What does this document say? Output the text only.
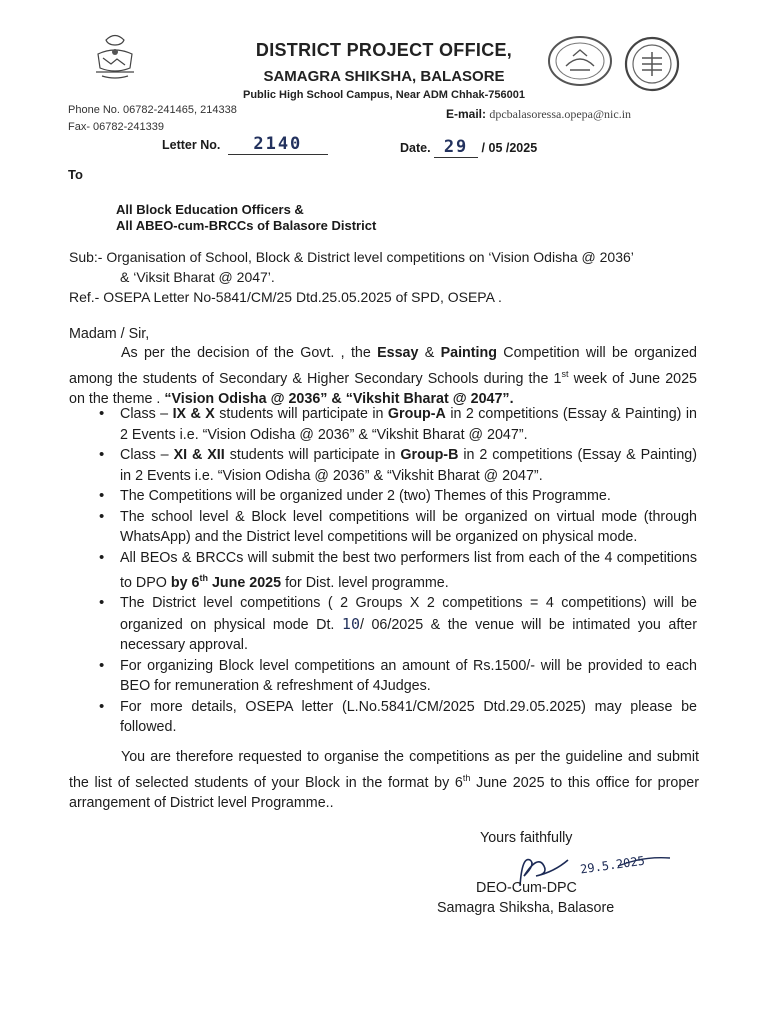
DISTRICT PROJECT OFFICE,
SAMAGRA SHIKSHA, BALASORE
Public High School Campus, Near ADM Chhak-756001
Phone No. 06782-241465, 214338
Fax- 06782-241339
E-mail: dpcbalasoressa.opepa@nic.in
Letter No. 2140	Date. 29 / 05 /2025
To
All Block Education Officers &
All ABEO-cum-BRCCs of Balasore District
Sub:- Organisation of School, Block & District level competitions on ‘Vision Odisha @ 2036’
& ‘Viksit Bharat @ 2047’.
Ref.- OSEPA Letter No-5841/CM/25 Dtd.25.05.2025 of SPD, OSEPA .
Madam / Sir,
As per the decision of the Govt. , the Essay & Painting Competition will be organized among the students of Secondary & Higher Secondary Schools during the 1st week of June 2025 on the theme . “Vision Odisha @ 2036” & “Vikshit Bharat @ 2047”.
• Class – IX & X students will participate in Group-A in 2 competitions (Essay & Painting) in 2 Events i.e. “Vision Odisha @ 2036” & “Vikshit Bharat @ 2047”.
• Class – XI & XII students will participate in Group-B in 2 competitions (Essay & Painting) in 2 Events i.e. “Vision Odisha @ 2036” & “Vikshit Bharat @ 2047”.
• The Competitions will be organized under 2 (two) Themes of this Programme.
• The school level & Block level competitions will be organized on virtual mode (through WhatsApp) and the District level competitions will be organized on physical mode.
• All BEOs & BRCCs will submit the best two performers list from each of the 4 competitions to DPO by 6th June 2025 for Dist. level programme.
• The District level competitions ( 2 Groups X 2 competitions = 4 competitions) will be organized on physical mode Dt. 10/ 06/2025 & the venue will be intimated you after necessary approval.
• For organizing Block level competitions an amount of Rs.1500/- will be provided to each BEO for remuneration & refreshment of 4Judges.
• For more details, OSEPA letter (L.No.5841/CM/2025 Dtd.29.05.2025) may please be followed.
You are therefore requested to organise the competitions as per the guideline and submit the list of selected students of your Block in the format by 6th June 2025 to this office for proper arrangement of District level Programme..
Yours faithfully
29.5.2025
DEO-Cum-DPC
Samagra Shiksha, Balasore
